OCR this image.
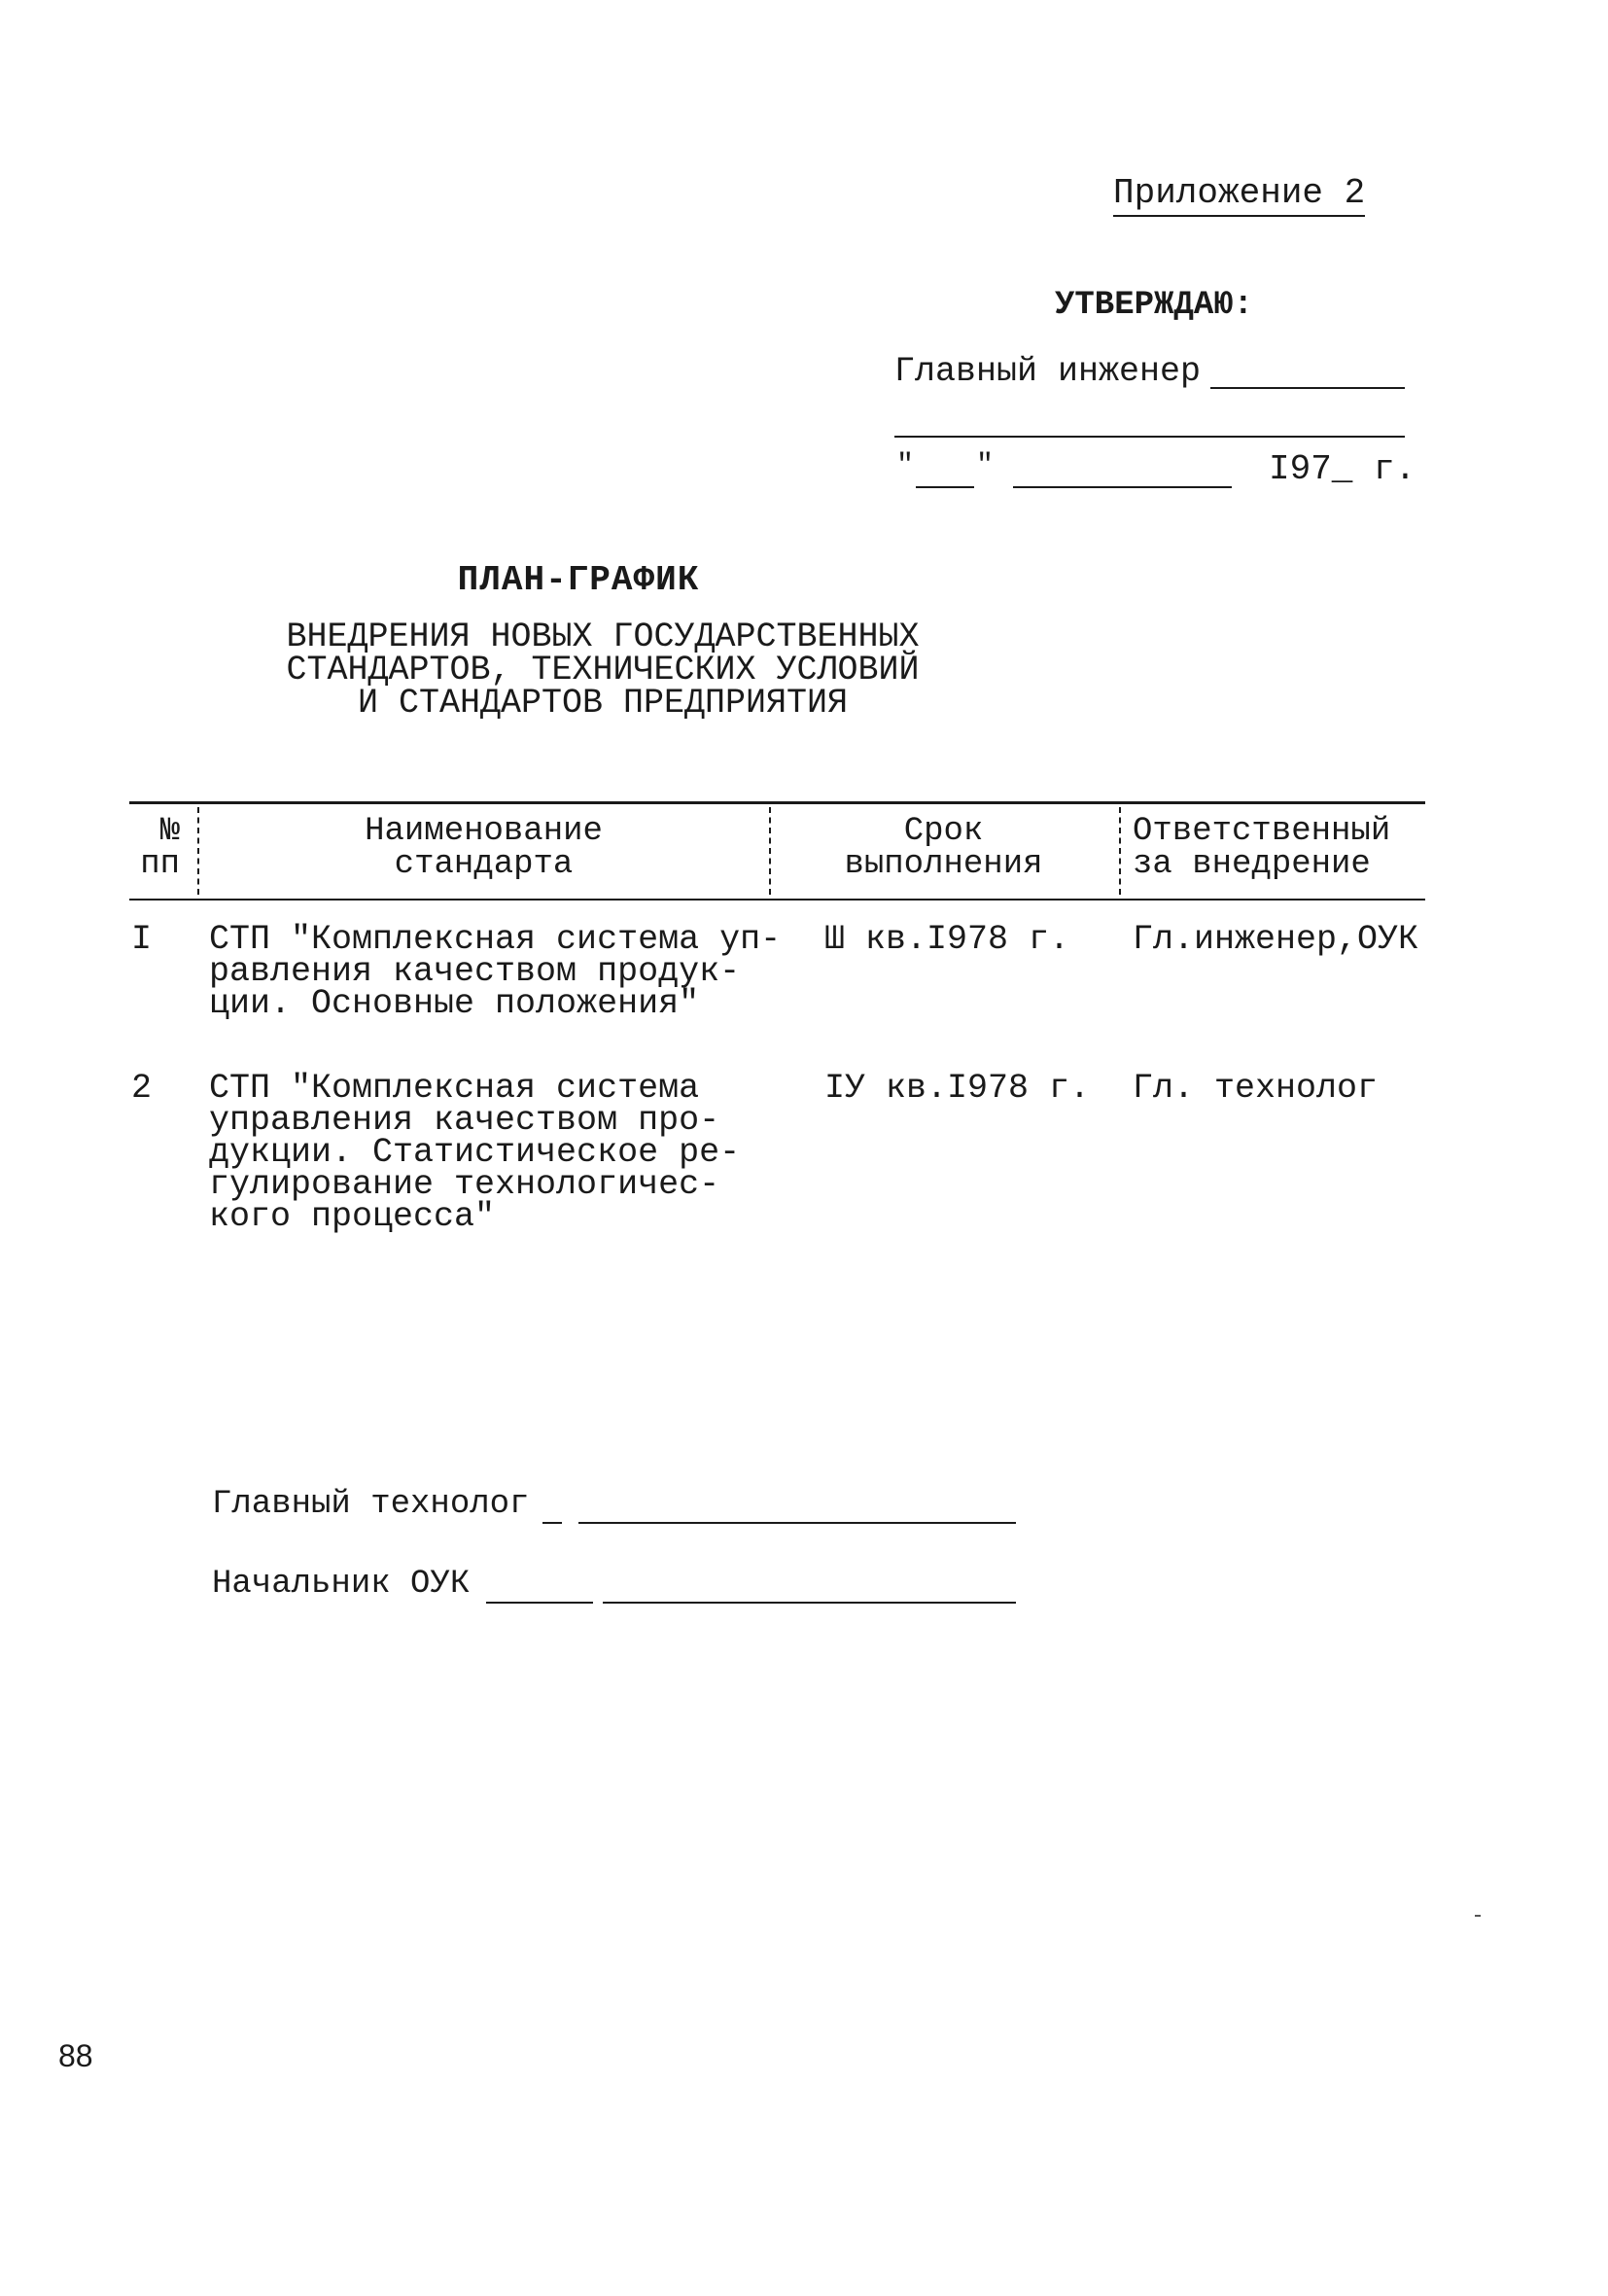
Приложение 2
УТВЕРЖДАЮ:
Главный инженер
" "	I97_ г.
ПЛАН-ГРАФИК
ВНЕДРЕНИЯ НОВЫХ ГОСУДАРСТВЕННЫХ
СТАНДАРТОВ, ТЕХНИЧЕСКИХ УСЛОВИЙ
И СТАНДАРТОВ ПРЕДПРИЯТИЯ
№
пп
Наименование
стандарта
Срок
выполнения
Ответственный
за внедрение
I СТП "Комплексная система уп-
равления качеством продук-
ции. Основные положения"
Ш кв.I978 г. Гл.инженер,ОУК
2 СТП "Комплексная система
управления качеством про-
дукции. Статистическое ре-
гулирование технологичес-
кого процесса"
IУ кв.I978 г. Гл. технолог
Главный технолог
Начальник ОУК
88
